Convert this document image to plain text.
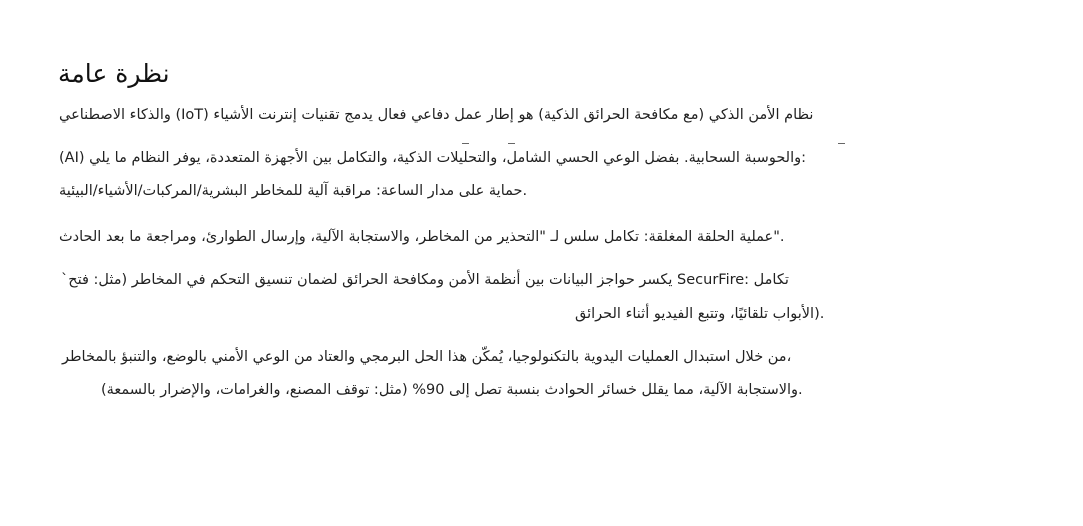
نظرة عامة
والذكاء الاصطناعي (IoT) نظام الأمن الذكي (مع مكافحة الحرائق الذكية) هو إطار عمل دفاعي فعال يدمج تقنيات إنترنت الأشياء
(AI) والحوسبة السحابية. بفضل الوعي الحسي الشامل، والتحليلات الذكية، والتكامل بين الأجهزة المتعددة، يوفر النظام ما يلي:
حماية على مدار الساعة: مراقبة آلية للمخاطر البشرية/المركبات/الأشياء/البيئية.
عملية الحلقة المغلقة: تكامل سلس لـ "التحذير من المخاطر، والاستجابة الآلية، وإرسال الطوارئ، ومراجعة ما بعد الحادث".
`يكسر حواجز البيانات بين أنظمة الأمن ومكافحة الحرائق لضمان تنسيق التحكم في المخاطر (مثل: فتح SecurFire: تكامل
الأبواب تلقائيًا، وتتبع الفيديو أثناء الحرائق).
من خلال استبدال العمليات اليدوية بالتكنولوجيا، يُمكّن هذا الحل البرمجي والعتاد من الوعي الأمني بالوضع، والتنبؤ بالمخاطر،
والاستجابة الآلية، مما يقلل خسائر الحوادث بنسبة تصل إلى 90% (مثل: توقف المصنع، والغرامات، والإضرار بالسمعة).
